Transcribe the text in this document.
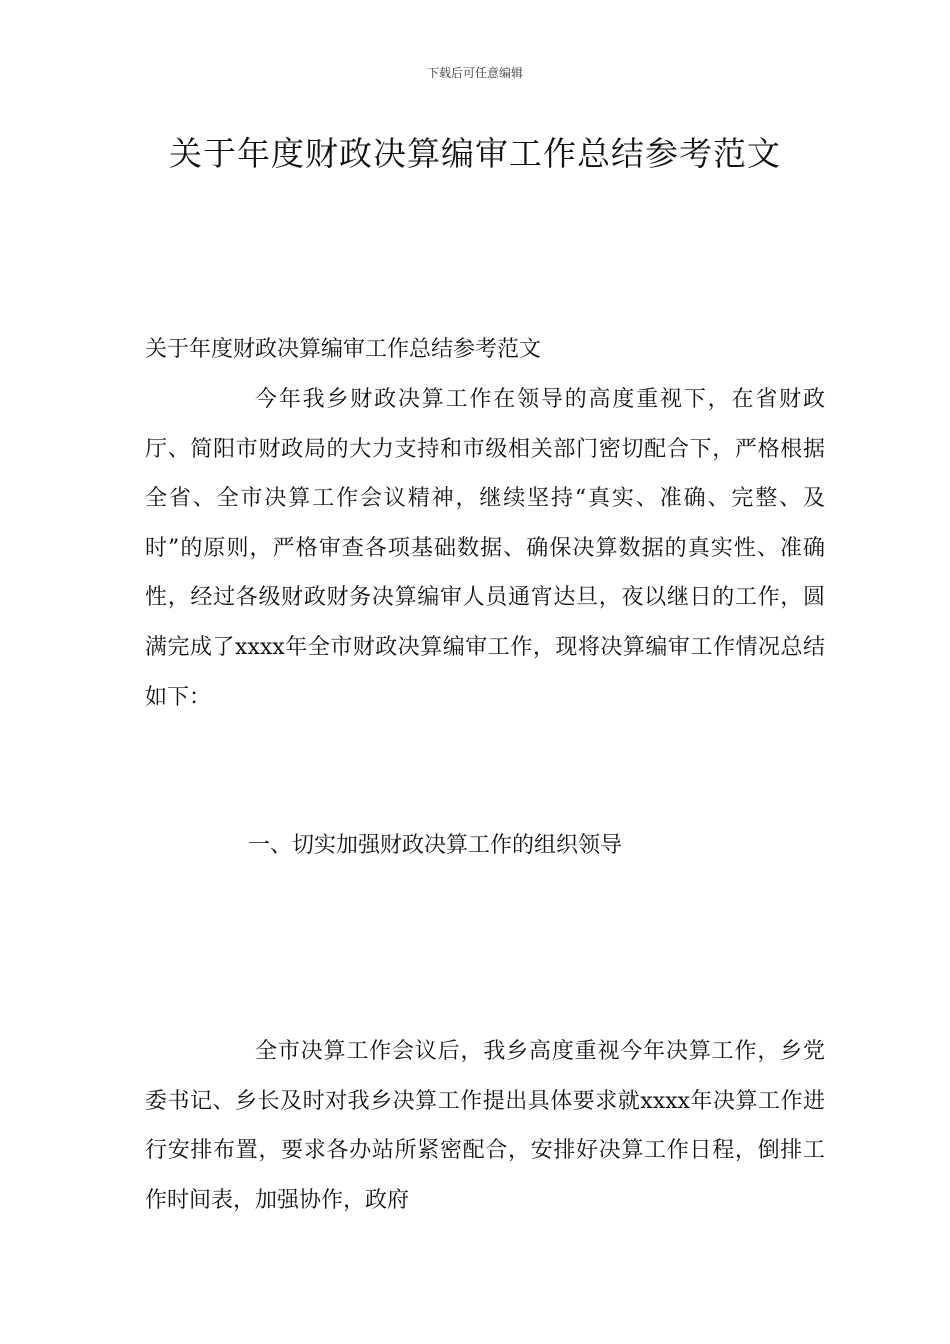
下载后可任意编辑
关于年度财政决算编审工作总结参考范文
关于年度财政决算编审工作总结参考范文
今年我乡财政决算工作在领导的高度重视下，在省财政厅、简阳市财政局的大力支持和市级相关部门密切配合下，严格根据全省、全市决算工作会议精神，继续坚持“真实、准确、完整、及时”的原则，严格审查各项基础数据、确保决算数据的真实性、准确性，经过各级财政财务决算编审人员通宵达旦，夜以继日的工作，圆满完成了xxxx年全市财政决算编审工作，现将决算编审工作情况总结如下：
一、切实加强财政决算工作的组织领导
全市决算工作会议后，我乡高度重视今年决算工作，乡党委书记、乡长及时对我乡决算工作提出具体要求就xxxx年决算工作进行安排布置，要求各办站所紧密配合，安排好决算工作日程，倒排工作时间表，加强协作，政府
